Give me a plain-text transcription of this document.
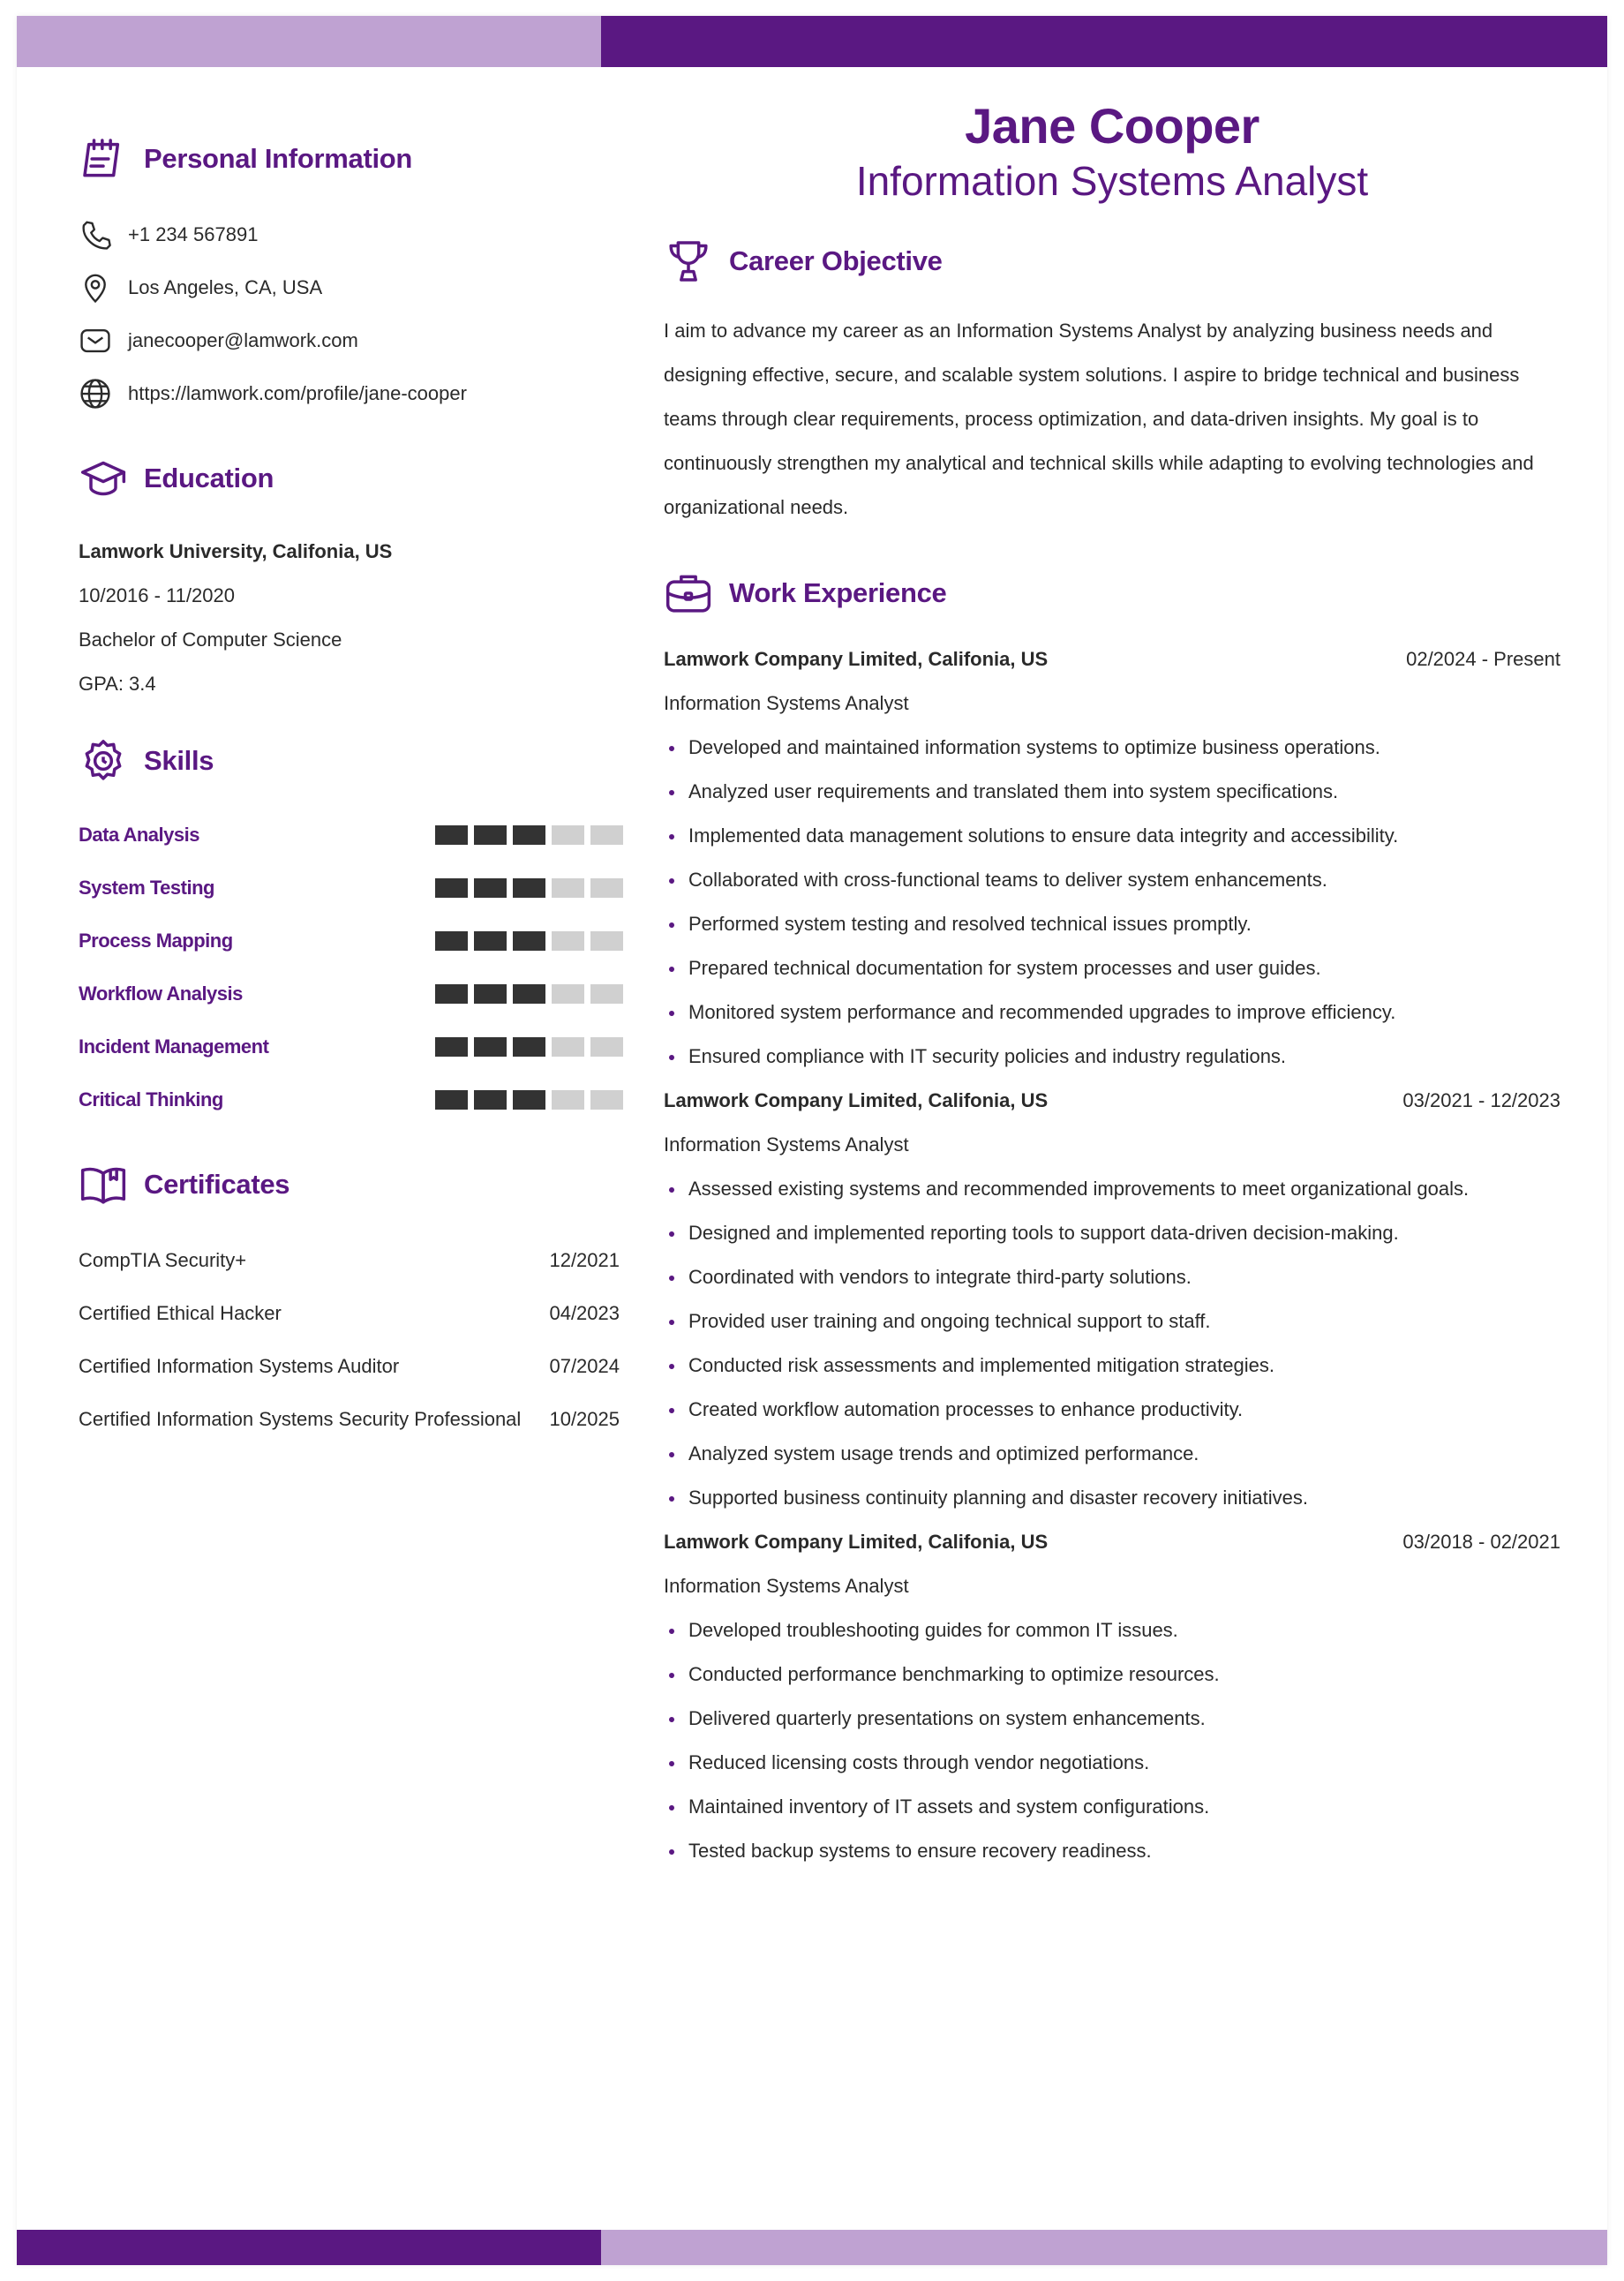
Personal Information
+1 234 567891
Los Angeles, CA, USA
janecooper@lamwork.com
https://lamwork.com/profile/jane-cooper
Education
Lamwork University, Califonia, US
10/2016 - 11/2020
Bachelor of Computer Science
GPA: 3.4
Skills
Data Analysis
System Testing
Process Mapping
Workflow Analysis
Incident Management
Critical Thinking
Certificates
CompTIA Security+	12/2021
Certified Ethical Hacker	04/2023
Certified Information Systems Auditor	07/2024
Certified Information Systems Security Professional 10/2025
Jane Cooper
Information Systems Analyst
Career Objective

I aim to advance my career as an Information Systems Analyst by analyzing business needs and designing effective, secure, and scalable system solutions. I aspire to bridge technical and business teams through clear requirements, process optimization, and data-driven insights. My goal is to continuously strengthen my analytical and technical skills while adapting to evolving technologies and organizational needs.

Work Experience
Lamwork Company Limited, Califonia, US	02/2024 - Present
Information Systems Analyst
Developed and maintained information systems to optimize business operations.
Analyzed user requirements and translated them into system specifications.
Implemented data management solutions to ensure data integrity and accessibility.
Collaborated with cross-functional teams to deliver system enhancements.
Performed system testing and resolved technical issues promptly.
Prepared technical documentation for system processes and user guides.
Monitored system performance and recommended upgrades to improve efficiency.
Ensured compliance with IT security policies and industry regulations.
Lamwork Company Limited, Califonia, US	03/2021 - 12/2023
Information Systems Analyst
Assessed existing systems and recommended improvements to meet organizational goals.
Designed and implemented reporting tools to support data-driven decision-making.
Coordinated with vendors to integrate third-party solutions.
Provided user training and ongoing technical support to staff.
Conducted risk assessments and implemented mitigation strategies.
Created workflow automation processes to enhance productivity.
Analyzed system usage trends and optimized performance.
Supported business continuity planning and disaster recovery initiatives.
Lamwork Company Limited, Califonia, US	03/2018 - 02/2021
Information Systems Analyst
Developed troubleshooting guides for common IT issues.
Conducted performance benchmarking to optimize resources.
Delivered quarterly presentations on system enhancements.
Reduced licensing costs through vendor negotiations.
Maintained inventory of IT assets and system configurations.
Tested backup systems to ensure recovery readiness.
